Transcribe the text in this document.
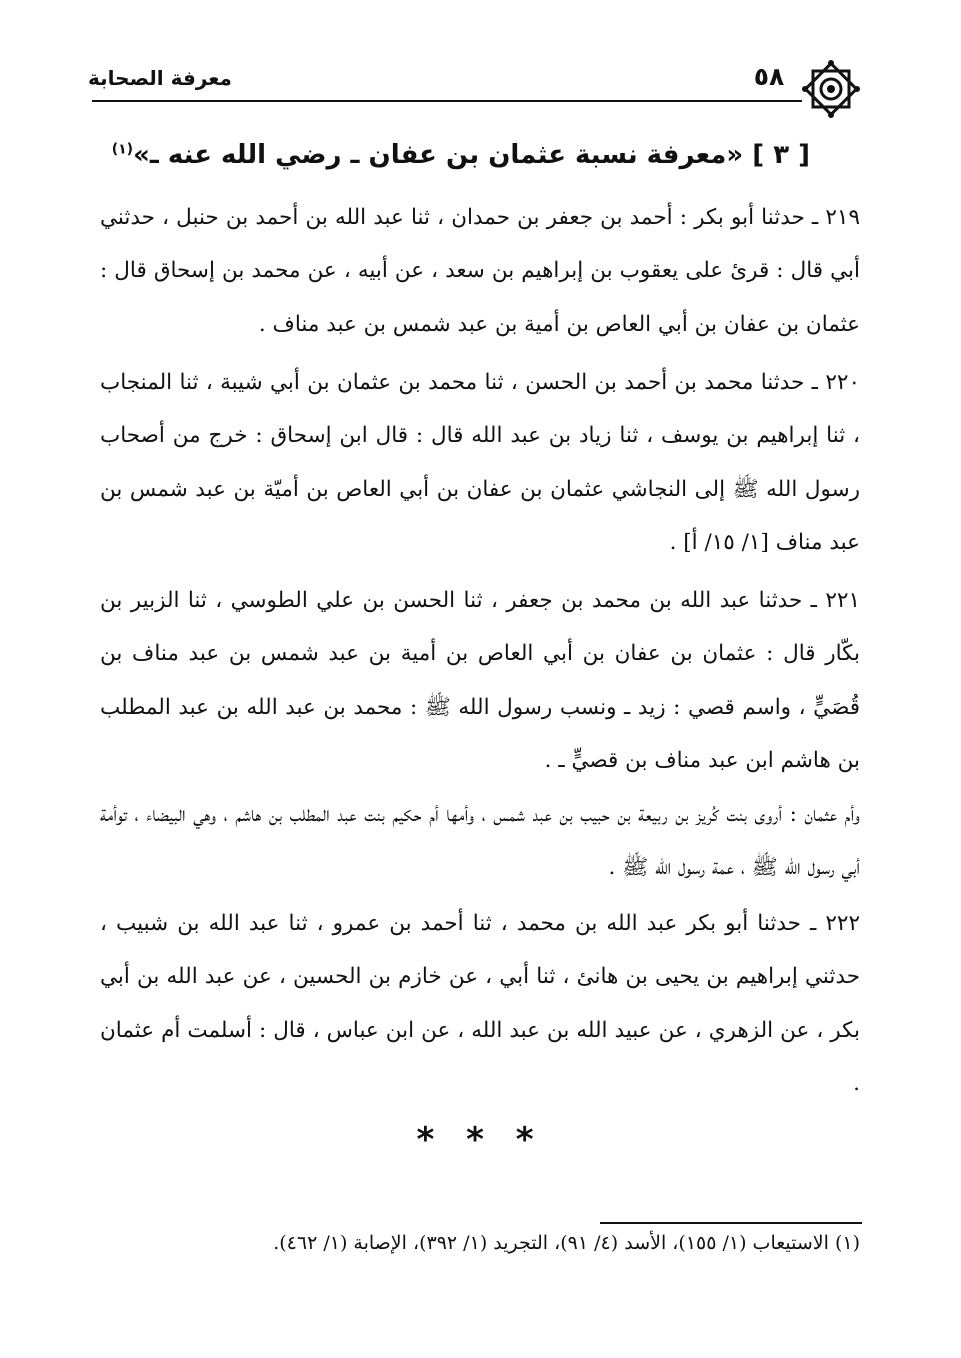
٥٨
معرفة الصحابة
[ ٣ ] «معرفة نسبة عثمان بن عفان ـ رضي الله عنه ـ»$^{(١)}$

٢١٩ ـ حدثنا أبو بكر : أحمد بن جعفر بن حمدان ، ثنا عبد الله بن أحمد بن حنبل ، حدثني أبي قال : قرئ على يعقوب بن إبراهيم بن سعد ، عن أبيه ، عن محمد بن إسحاق قال : عثمان بن عفان بن أبي العاص بن أمية بن عبد شمس بن عبد مناف .

٢٢٠ ـ حدثنا محمد بن أحمد بن الحسن ، ثنا محمد بن عثمان بن أبي شيبة ، ثنا المنجاب ، ثنا إبراهيم بن يوسف ، ثنا زياد بن عبد الله قال : قال ابن إسحاق : خرج من أصحاب رسول الله ﷺ إلى النجاشي عثمان بن عفان بن أبي العاص بن أميّة بن عبد شمس بن عبد مناف [١/ ١٥/ أ] .

٢٢١ ـ حدثنا عبد الله بن محمد بن جعفر ، ثنا الحسن بن علي الطوسي ، ثنا الزبير بن بكّار قال : عثمان بن عفان بن أبي العاص بن أمية بن عبد شمس بن عبد مناف بن قُصَيٍّ ، واسم قصي : زيد ـ ونسب رسول الله ﷺ : محمد بن عبد الله بن عبد المطلب بن هاشم ابن عبد مناف بن قصيٍّ ـ .

وأم عثمان : أروى بنت كُريز بن ربيعة بن حبيب بن عبد شمس ، وأمها أم حكيم بنت عبد المطلب بن هاشم ، وهي البيضاء ، توأمة أبي رسول الله ﷺ ، عمة رسول الله ﷺ .

٢٢٢ ـ حدثنا أبو بكر عبد الله بن محمد ، ثنا أحمد بن عمرو ، ثنا عبد الله بن شبيب ، حدثني إبراهيم بن يحيى بن هانئ ، ثنا أبي ، عن خازم بن الحسين ، عن عبد الله بن أبي بكر ، عن الزهري ، عن عبيد الله بن عبد الله ، عن ابن عباس ، قال : أسلمت أم عثمان .

* * *
(١) الاستيعاب (١/ ١٥٥)، الأسد (٤/ ٩١)، التجريد (١/ ٣٩٢)، الإصابة (١/ ٤٦٢).
